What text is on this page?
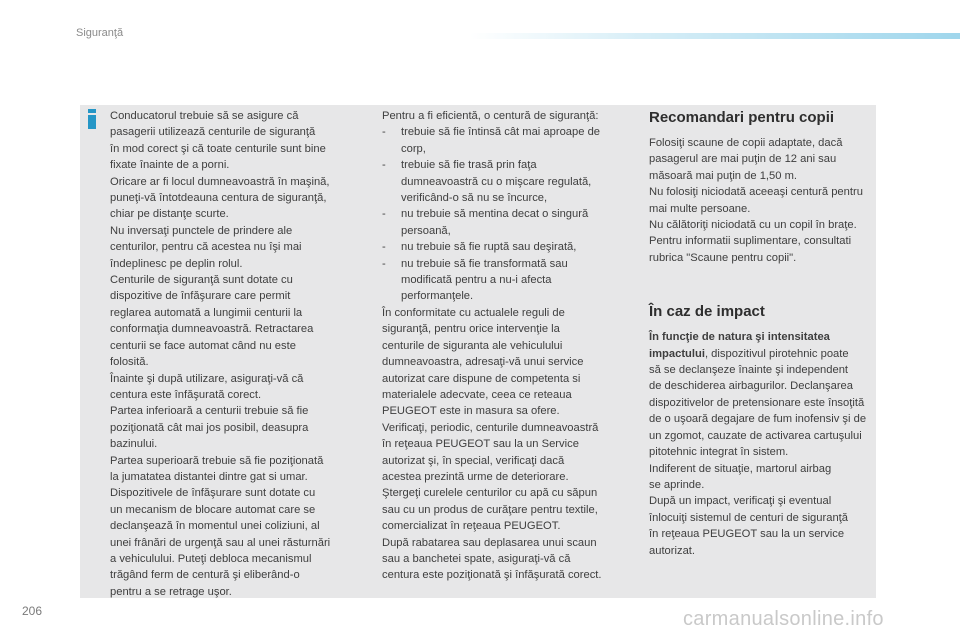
Siguranţă

Conducatorul trebuie să se asigure că

pasagerii utilizează centurile de siguranţă

în mod corect şi că toate centurile sunt bine

fixate înainte de a porni.

Oricare ar fi locul dumneavoastră în maşină,

puneţi-vă întotdeauna centura de siguranţă,

chiar pe distanţe scurte.

Nu inversaţi punctele de prindere ale

centurilor, pentru că acestea nu îşi mai

îndeplinesc pe deplin rolul.

Centurile de siguranţă sunt dotate cu

dispozitive de înfăşurare care permit

reglarea automată a lungimii centurii la

conformaţia dumneavoastră. Retractarea

centurii se face automat când nu este

folosită.

Înainte şi după utilizare, asiguraţi-vă că

centura este înfăşurată corect.

Partea inferioară a centurii trebuie să fie

poziţionată cât mai jos posibil, deasupra

bazinului.

Partea superioară trebuie să fie poziţionată

la jumatatea distantei dintre gat si umar.

Dispozitivele de înfăşurare sunt dotate cu

un mecanism de blocare automat care se

declanşează în momentul unei coliziuni, al

unei frânări de urgenţă sau al unei răsturnări

a vehiculului. Puteţi debloca mecanismul

trăgând ferm de centură şi eliberând-o

pentru a se retrage uşor.

Pentru a fi eficientă, o centură de siguranţă:

- trebuie să fie întinsă cât mai aproape de
corp,
- trebuie să fie trasă prin faţa
dumneavoastră cu o mişcare regulată,
verificând-o să nu se încurce,
- nu trebuie să mentina decat o singură
persoană,
- nu trebuie să fie ruptă sau deşirată,
- nu trebuie să fie transformată sau
modificată pentru a nu-i afecta
performanţele.

În conformitate cu actualele reguli de

siguranţă, pentru orice intervenţie la

centurile de siguranta ale vehiculului

dumneavoastra, adresaţi-vă unui service

autorizat care dispune de competenta si

materialele adecvate, ceea ce reteaua

PEUGEOT este in masura sa ofere.

Verificaţi, periodic, centurile dumneavoastră

în reţeaua PEUGEOT sau la un Service

autorizat şi, în special, verificaţi dacă

acestea prezintă urme de deteriorare.

Ştergeţi curelele centurilor cu apă cu săpun

sau cu un produs de curăţare pentru textile,

comercializat în reţeaua PEUGEOT.

După rabatarea sau deplasarea unui scaun

sau a banchetei spate, asiguraţi-vă că

centura este poziţionată şi înfăşurată corect.

Recomandari pentru copii

Folosiţi scaune de copii adaptate, dacă

pasagerul are mai puţin de 12 ani sau

măsoară mai puţin de 1,50 m.

Nu folosiţi niciodată aceeaşi centură pentru

mai multe persoane.

Nu călătoriţi niciodată cu un copil în braţe.

Pentru informatii suplimentare, consultati

rubrica "Scaune pentru copii".

În caz de impact

În funcţie de natura şi intensitatea

impactului, dispozitivul pirotehnic poate

să se declanşeze înainte şi independent

de deschiderea airbagurilor. Declanşarea

dispozitivelor de pretensionare este însoţită

de o uşoară degajare de fum inofensiv şi de

un zgomot, cauzate de activarea cartuşului

pitotehnic integrat în sistem.

Indiferent de situaţie, martorul airbag

se aprinde.

După un impact, verificaţi şi eventual

înlocuiţi sistemul de centuri de siguranţă

în reţeaua PEUGEOT sau la un service

autorizat.

206	carmanualsonline.info
